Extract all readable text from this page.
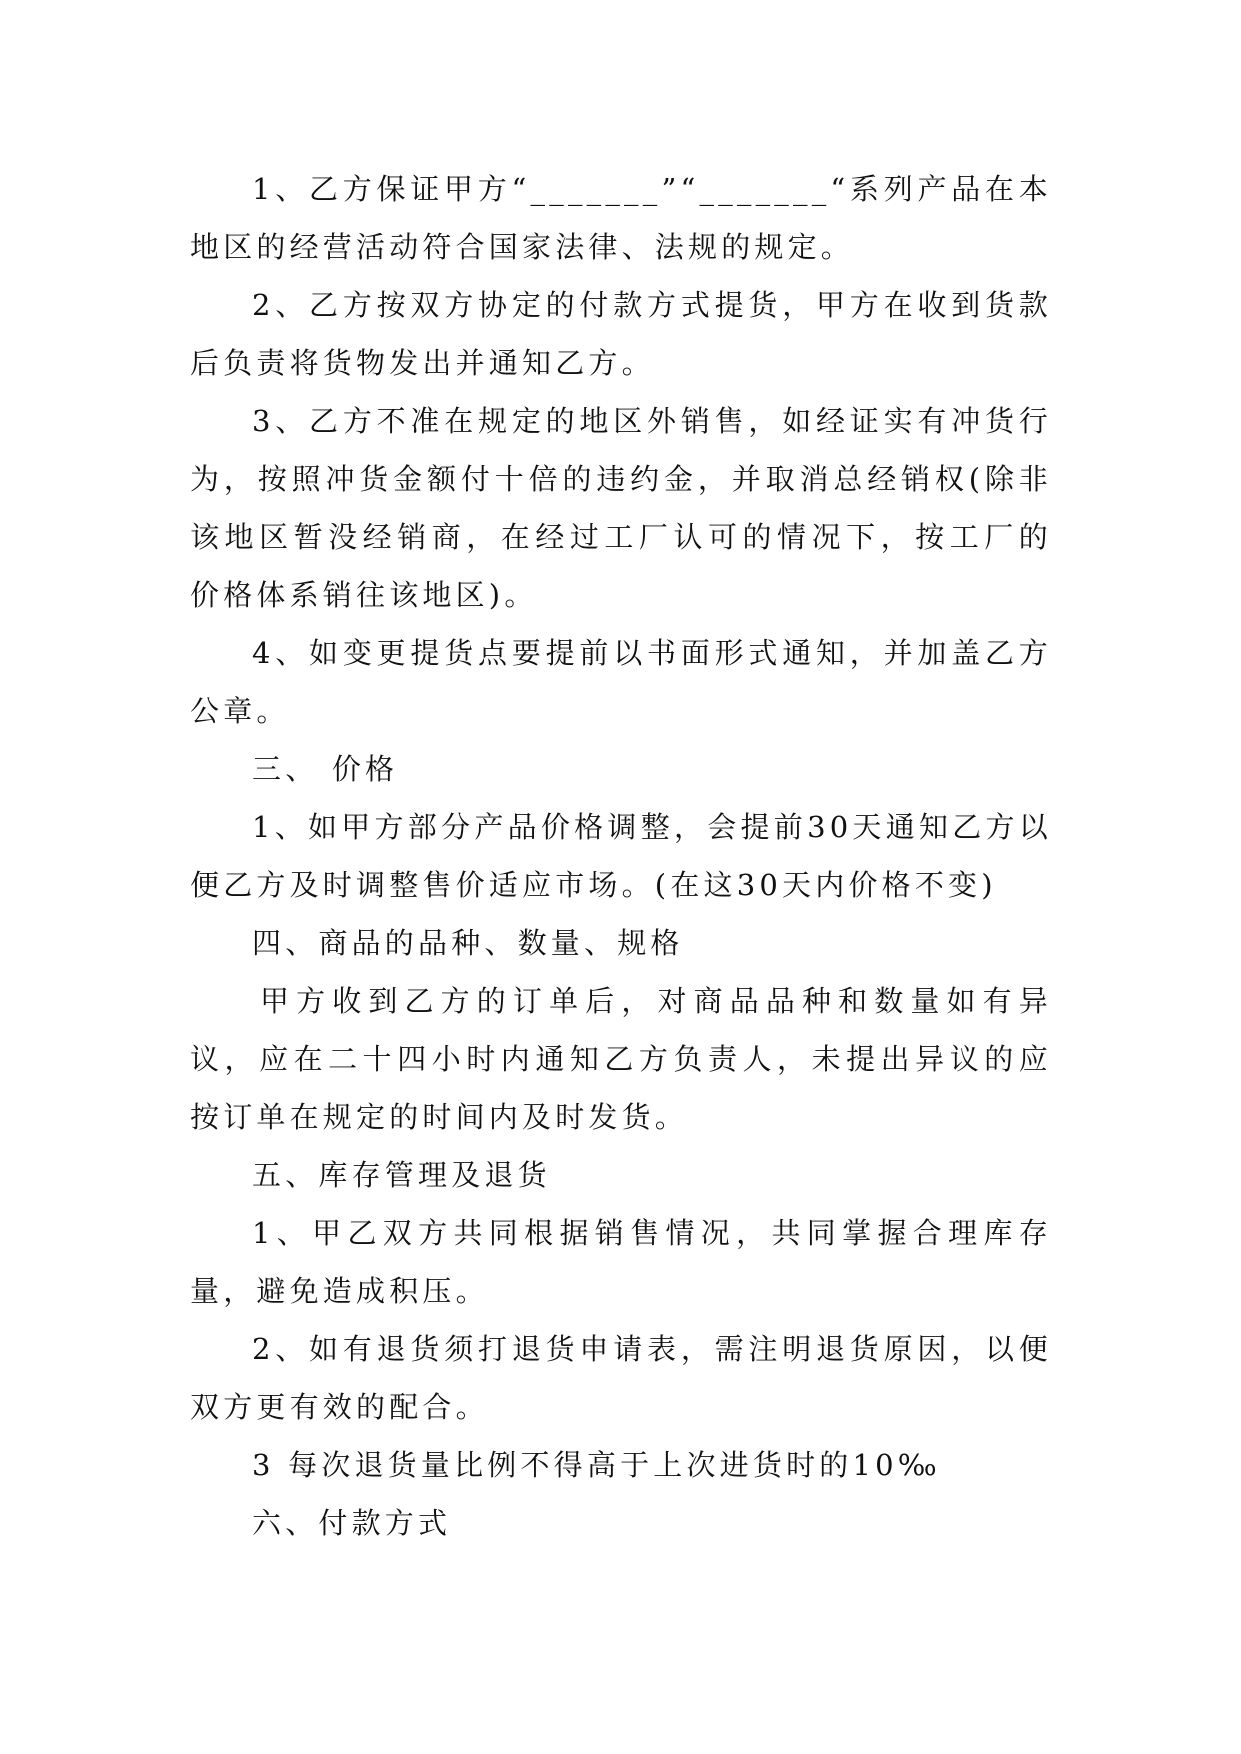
1、乙方保证甲方“_______”“_______“系列产品在本地区的经营活动符合国家法律、法规的规定。

2、乙方按双方协定的付款方式提货，甲方在收到货款后负责将货物发出并通知乙方。

3、乙方不准在规定的地区外销售，如经证实有冲货行为，按照冲货金额付十倍的违约金，并取消总经销权(除非该地区暂没经销商，在经过工厂认可的情况下，按工厂的价格体系销往该地区)。

4、如变更提货点要提前以书面形式通知，并加盖乙方公章。

三、 价格

1、如甲方部分产品价格调整，会提前30天通知乙方以便乙方及时调整售价适应市场。(在这30天内价格不变)

四、商品的品种、数量、规格

甲方收到乙方的订单后，对商品品种和数量如有异议，应在二十四小时内通知乙方负责人，未提出异议的应按订单在规定的时间内及时发货。

五、库存管理及退货

1、甲乙双方共同根据销售情况，共同掌握合理库存量，避免造成积压。

2、如有退货须打退货申请表，需注明退货原因，以便双方更有效的配合。

3 每次退货量比例不得高于上次进货时的10‰

六、付款方式
